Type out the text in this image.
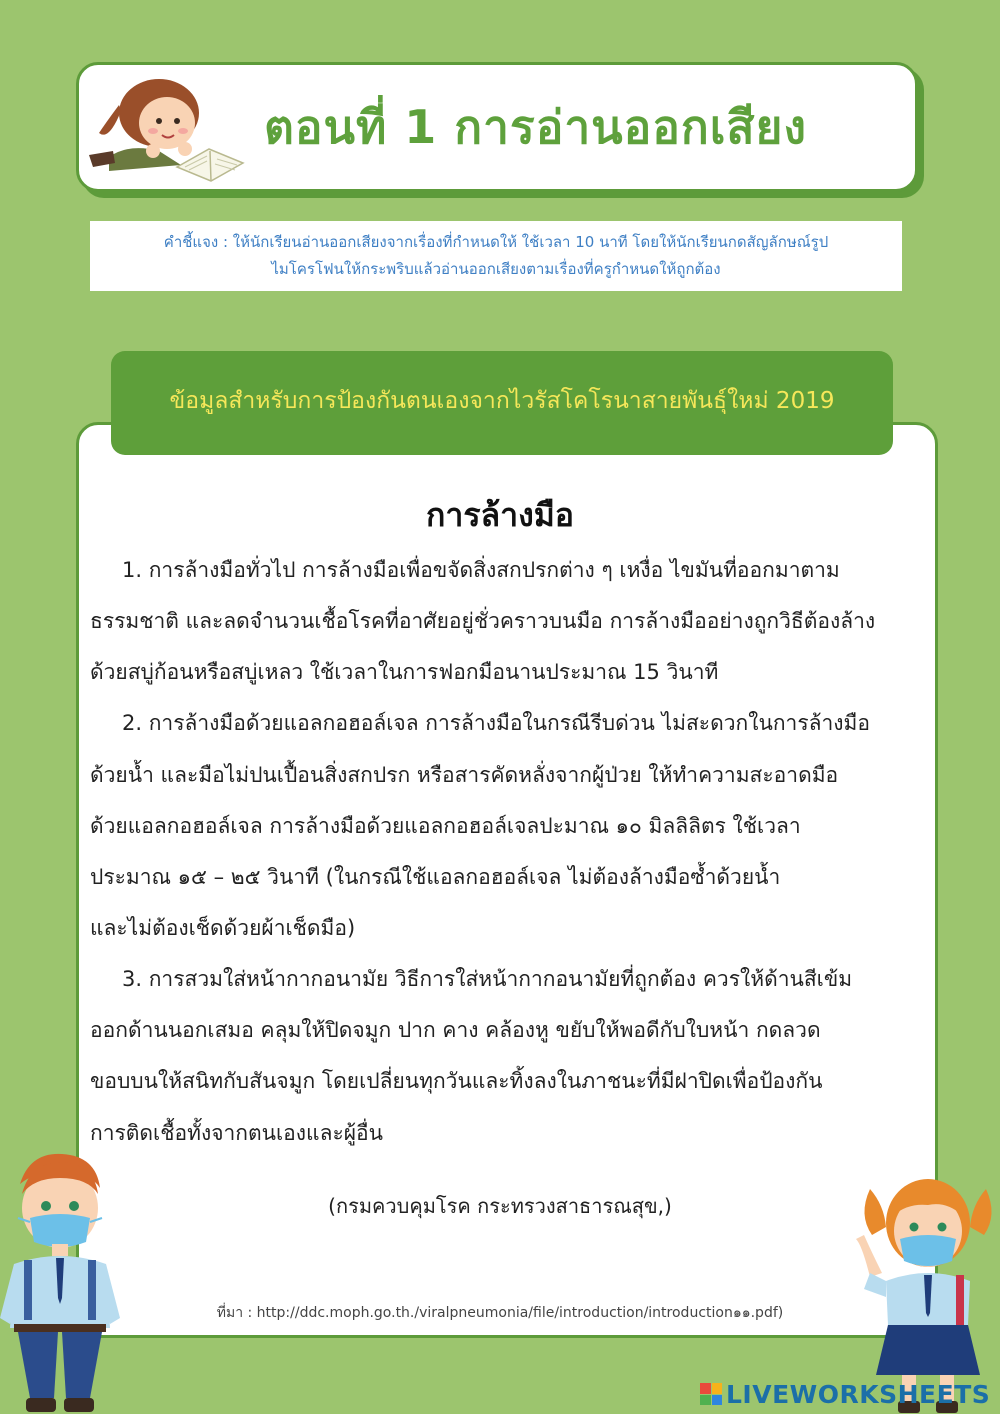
ตอนที่ 1 การอ่านออกเสียง
คำชี้แจง : ให้นักเรียนอ่านออกเสียงจากเรื่องที่กำหนดให้ ใช้เวลา 10 นาที โดยให้นักเรียนกดสัญลักษณ์รูป
ไมโครโฟนให้กระพริบแล้วอ่านออกเสียงตามเรื่องที่ครูกำหนดให้ถูกต้อง
ข้อมูลสำหรับการป้องกันตนเองจากไวรัสโคโรนาสายพันธุ์ใหม่ 2019
การล้างมือ
1. การล้างมือทั่วไป การล้างมือเพื่อขจัดสิ่งสกปรกต่าง ๆ เหงื่อ ไขมันที่ออกมาตาม
ธรรมชาติ และลดจำนวนเชื้อโรคที่อาศัยอยู่ชั่วคราวบนมือ การล้างมืออย่างถูกวิธีต้องล้าง
ด้วยสบู่ก้อนหรือสบู่เหลว ใช้เวลาในการฟอกมือนานประมาณ 15 วินาที
2. การล้างมือด้วยแอลกอฮอล์เจล การล้างมือในกรณีรีบด่วน ไม่สะดวกในการล้างมือ
ด้วยน้ำ และมือไม่ปนเปื้อนสิ่งสกปรก หรือสารคัดหลั่งจากผู้ป่วย ให้ทำความสะอาดมือ
ด้วยแอลกอฮอล์เจล การล้างมือด้วยแอลกอฮอล์เจลปะมาณ ๑๐ มิลลิลิตร ใช้เวลา
ประมาณ ๑๕ – ๒๕ วินาที (ในกรณีใช้แอลกอฮอล์เจล ไม่ต้องล้างมือซ้ำด้วยน้ำ
และไม่ต้องเช็ดด้วยผ้าเช็ดมือ)
3. การสวมใส่หน้ากากอนามัย วิธีการใส่หน้ากากอนามัยที่ถูกต้อง ควรให้ด้านสีเข้ม
ออกด้านนอกเสมอ คลุมให้ปิดจมูก ปาก คาง คล้องหู ขยับให้พอดีกับใบหน้า กดลวด
ขอบบนให้สนิทกับสันจมูก โดยเปลี่ยนทุกวันและทิ้งลงในภาชนะที่มีฝาปิดเพื่อป้องกัน
การติดเชื้อทั้งจากตนเองและผู้อื่น
(กรมควบคุมโรค กระทรวงสาธารณสุข,)
ที่มา : http://ddc.moph.go.th./viralpneumonia/file/introduction/introduction๑๑.pdf)
LIVEWORKSHEETS
